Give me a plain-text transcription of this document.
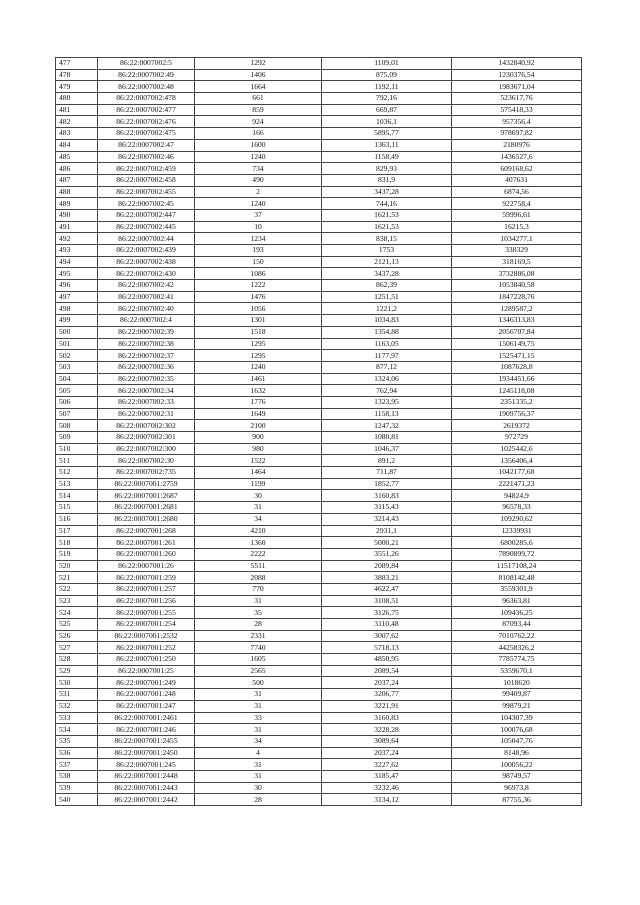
477	86:22:0007002:5	1292	1109,01	1432840,92
478	86:22:0007002:49	1406	875,09	1230376,54
479	86:22:0007002:48	1664	1192,11	1983671,04
480	86:22:0007002:478	661	792,16	523617,76
481	86:22:0007002:477	859	669,87	575418,33
482	86:22:0007002:476	924	1036,1	957356,4
483	86:22:0007002:475	166	5895,77	978697,82
484	86:22:0007002:47	1600	1363,11	2180976
485	86:22:0007002:46	1240	1158,49	1436527,6
486	86:22:0007002:459	734	829,93	609168,62
487	86:22:0007002:458	490	831,9	407631
488	86:22:0007002:455	2	3437,28	6874,56
489	86:22:0007002:45	1240	744,16	922758,4
490	86:22:0007002:447	37	1621,53	59996,61
491	86:22:0007002:445	10	1621,53	16215,3
492	86:22:0007002:44	1234	838,15	1034277,1
493	86:22:0007002:439	193	1753	338329
494	86:22:0007002:438	150	2121,13	318169,5
495	86:22:0007002:430	1086	3437,28	3732886,08
496	86:22:0007002:42	1222	862,39	1053840,58
497	86:22:0007002:41	1476	1251,51	1847228,76
498	86:22:0007002:40	1056	1221,2	1289587,2
499	86:22:0007002:4	1301	1034,83	1346313,83
500	86:22:0007002:39	1518	1354,88	2056707,84
501	86:22:0007002:38	1295	1163,05	1506149,75
502	86:22:0007002:37	1295	1177,97	1525471,15
503	86:22:0007002:36	1240	877,12	1087628,8
504	86:22:0007002:35	1461	1324,06	1934451,66
505	86:22:0007002:34	1632	762,94	1245118,08
506	86:22:0007002:33	1776	1323,95	2351335,2
507	86:22:0007002:31	1649	1158,13	1909756,37
508	86:22:0007002:302	2100	1247,32	2619372
509	86:22:0007002:301	900	1080,81	972729
510	86:22:0007002:300	980	1046,37	1025442,6
511	86:22:0007002:30	1522	891,2	1356406,4
512	86:22:0007002:735	1464	711,87	1042177,68
513	86:22:0007001:2759	1199	1852,77	2221471,23
514	86:22:0007001:2687	30	3160,83	94824,9
515	86:22:0007001:2681	31	3115,43	96578,33
516	86:22:0007001:2680	34	3214,43	109290,62
517	86:22:0007001:268	4210	2931,1	12339931
518	86:22:0007001:261	1360	5000,21	6800285,6
519	86:22:0007001:260	2222	3551,26	7890899,72
520	86:22:0007001:26	5511	2089,84	11517108,24
521	86:22:0007001:259	2088	3883,21	8108142,48
522	86:22:0007001:257	770	4622,47	3559301,9
523	86:22:0007001:256	31	3108,51	96363,81
524	86:22:0007001:255	35	3126,75	109436,25
525	86:22:0007001:254	28	3110,48	87093,44
526	86:22:0007001:2532	2331	3007,62	7010762,22
527	86:22:0007001:252	7740	5718,13	44258326,2
528	86:22:0007001:250	1605	4850,95	7785774,75
529	86:22:0007001:25	2565	2089,54	5359670,1
530	86:22:0007001:249	500	2037,24	1018620
531	86:22:0007001:248	31	3206,77	99409,87
532	86:22:0007001:247	31	3221,91	99879,21
533	86:22:0007001:2461	33	3160,83	104307,39
534	86:22:0007001:246	31	3228,28	100076,68
535	86:22:0007001:2455	34	3089,64	105047,76
536	86:22:0007001:2450	4	2037,24	8148,96
537	86:22:0007001:245	31	3227,62	100056,22
538	86:22:0007001:2448	31	3185,47	98749,57
539	86:22:0007001:2443	30	3232,46	96973,8
540	86:22:0007001:2442	28	3134,12	87755,36
